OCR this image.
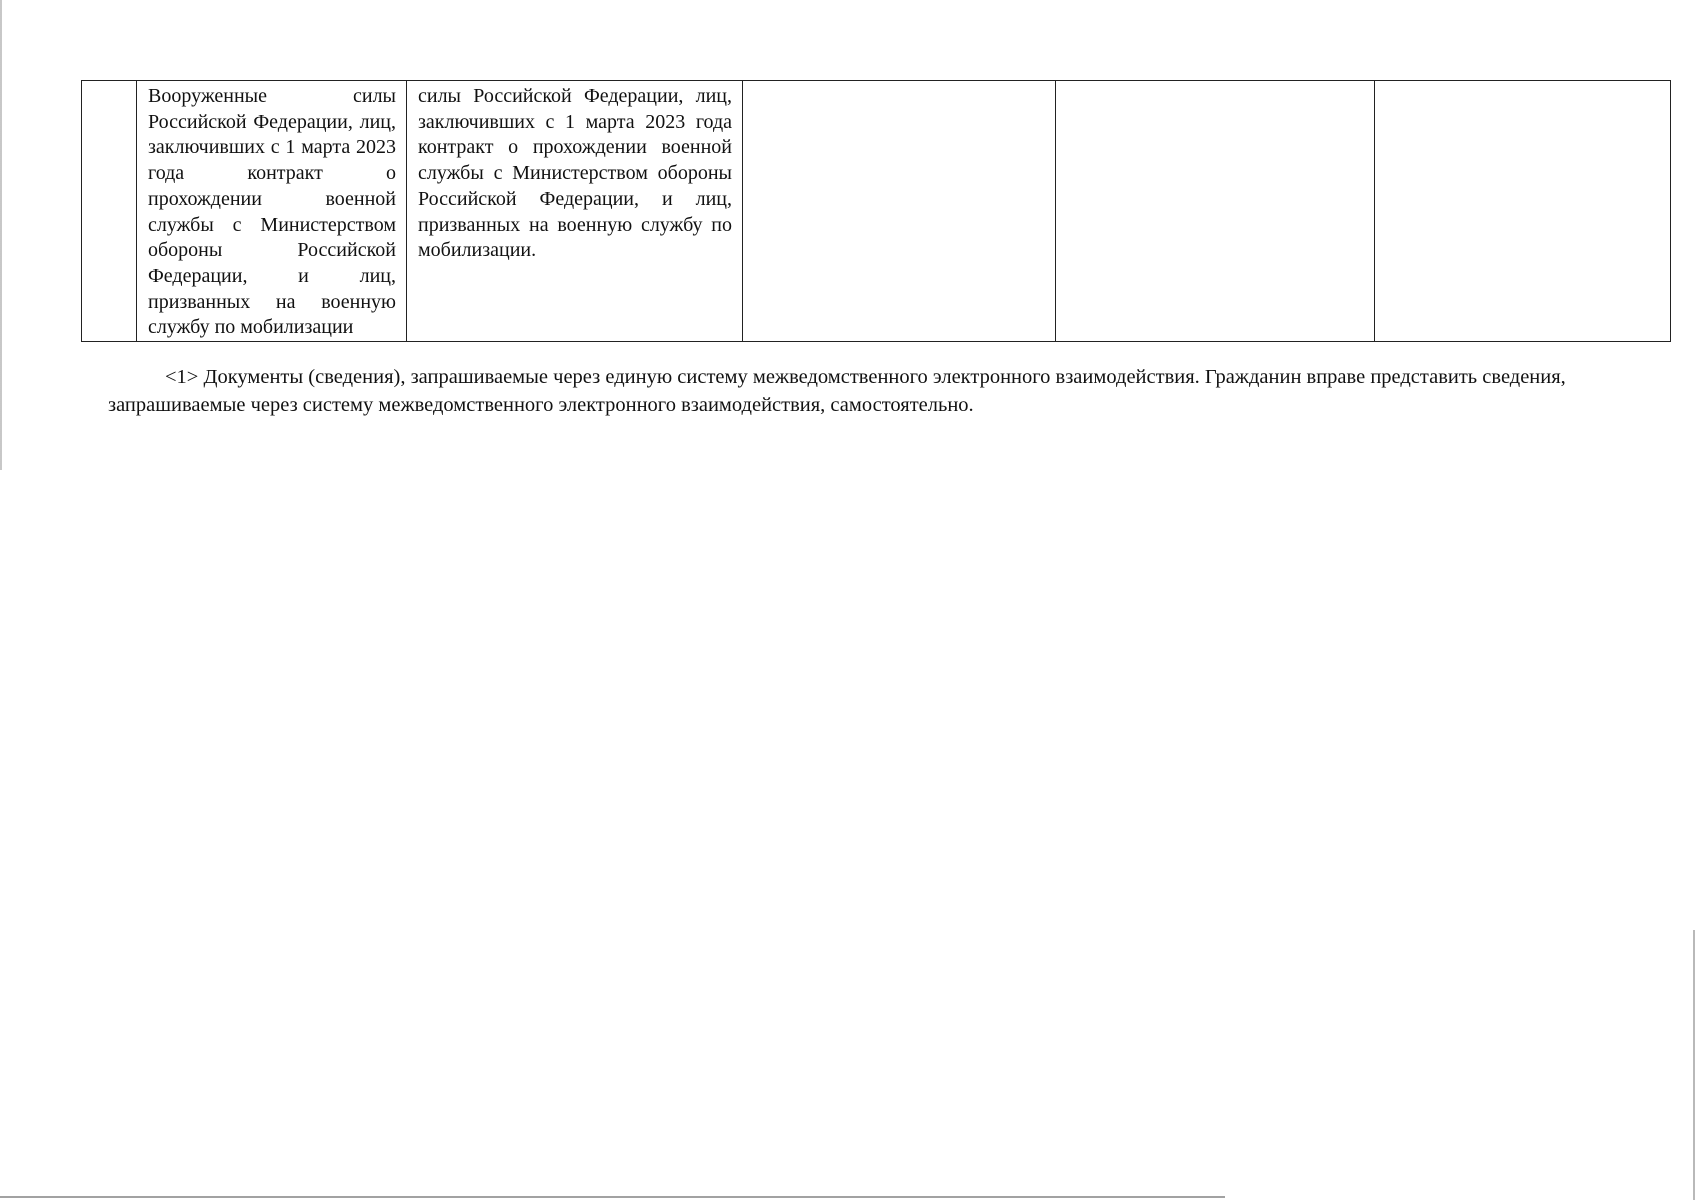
	Вооруженные силы Российской Федерации, лиц, заключивших с 1 марта 2023 года контракт о прохождении военной службы с Министерством обороны Российской Федерации, и лиц, призванных на военную службу по мобилизации	силы Российской Федерации, лиц, заключивших с 1 марта 2023 года контракт о прохождении военной службы с Министерством обороны Российской Федерации, и лиц, призванных на военную службу по мобилизации.			

<1> Документы (сведения), запрашиваемые через единую систему межведомственного электронного взаимодействия. Гражданин вправе представить сведения, запрашиваемые через систему межведомственного электронного взаимодействия, самостоятельно.
